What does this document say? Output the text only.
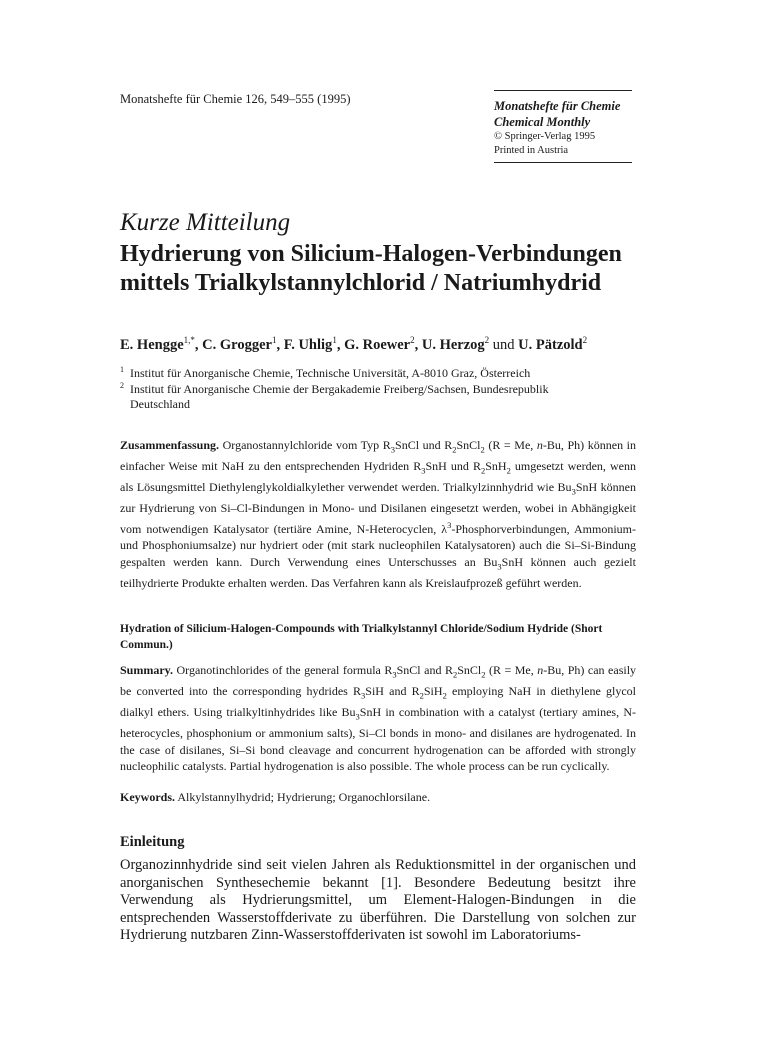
Monatshefte für Chemie 126, 549–555 (1995)	Monatshefte für Chemie
Chemical Monthly
© Springer-Verlag 1995
Printed in Austria
Kurze Mitteilung
Hydrierung von Silicium-Halogen-Verbindungen
mittels Trialkylstannylchlorid / Natriumhydrid
E. Hengge$^{1,*}$, C. Grogger$^1$, F. Uhlig$^1$, G. Roewer$^2$, U. Herzog$^2$ und U. Pätzold$^2$
$^1$ Institut für Anorganische Chemie, Technische Universität, A-8010 Graz, Österreich
$^2$ Institut für Anorganische Chemie der Bergakademie Freiberg/Sachsen, Bundesrepublik
Deutschland
Zusammenfassung. Organostannylchloride vom Typ $R_3SnCl$ und $R_2SnCl_2$ (R = Me, n-Bu, Ph) können in einfacher Weise mit NaH zu den entsprechenden Hydriden $R_3SnH$ und $R_2SnH_2$ umgesetzt werden, wenn als Lösungsmittel Diethylenglykoldialkylether verwendet werden. Trialkylzinnhydrid wie $Bu_3SnH$ können zur Hydrierung von Si–Cl-Bindungen in Mono- und Disilanen eingesetzt werden, wobei in Abhängigkeit vom notwendigen Katalysator (tertiäre Amine, N-Heterocyclen, $\lambda^3$-Phosphorverbindungen, Ammonium- und Phosphoniumsalze) nur hydriert oder (mit stark nucleophilen Katalysatoren) auch die Si–Si-Bindung gespalten werden kann. Durch Verwendung eines Unterschusses an $Bu_3SnH$ können auch gezielt teilhydrierte Produkte erhalten werden. Das Verfahren kann als Kreislaufprozeß geführt werden.
Hydration of Silicium-Halogen-Compounds with Trialkylstannyl Chloride/Sodium Hydride (Short Commun.)
Summary. Organotinchlorides of the general formula $R_3SnCl$ and $R_2SnCl_2$ (R = Me, n-Bu, Ph) can easily be converted into the corresponding hydrides $R_3SiH$ and $R_2SiH_2$ employing NaH in diethylene glycol dialkyl ethers. Using trialkyltinhydrides like $Bu_3SnH$ in combination with a catalyst (tertiary amines, N-heterocycles, phosphonium or ammonium salts), Si–Cl bonds in mono- and disilanes are hydrogenated. In the case of disilanes, Si–Si bond cleavage and concurrent hydrogenation can be afforded with strongly nucleophilic catalysts. Partial hydrogenation is also possible. The whole process can be run cyclically.
Keywords. Alkylstannylhydrid; Hydrierung; Organochlorsilane.
Einleitung
Organozinnhydride sind seit vielen Jahren als Reduktionsmittel in der organischen und anorganischen Synthesechemie bekannt [1]. Besondere Bedeutung besitzt ihre Verwendung als Hydrierungsmittel, um Element-Halogen-Bindungen in die entsprechenden Wasserstoffderivate zu überführen. Die Darstellung von solchen zur Hydrierung nutzbaren Zinn-Wasserstoffderivaten ist sowohl im Laboratoriums-
